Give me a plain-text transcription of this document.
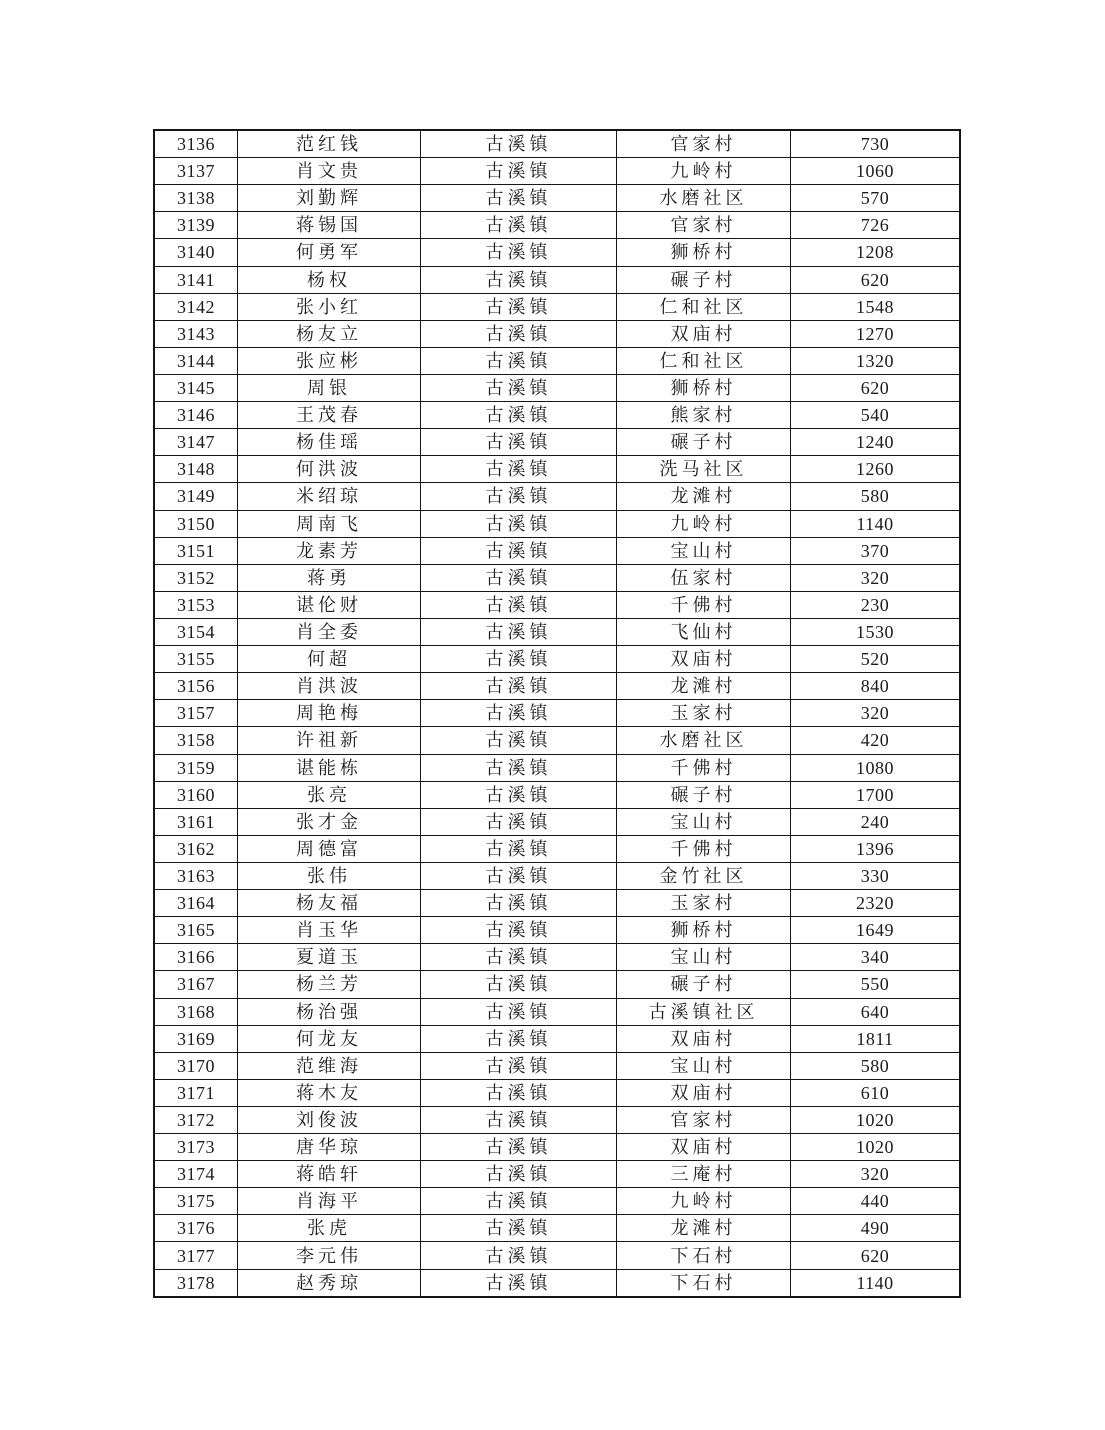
3136	范红钱	古溪镇	官家村	730
3137	肖文贵	古溪镇	九岭村	1060
3138	刘勤辉	古溪镇	水磨社区	570
3139	蒋锡国	古溪镇	官家村	726
3140	何勇军	古溪镇	狮桥村	1208
3141	杨权	古溪镇	碾子村	620
3142	张小红	古溪镇	仁和社区	1548
3143	杨友立	古溪镇	双庙村	1270
3144	张应彬	古溪镇	仁和社区	1320
3145	周银	古溪镇	狮桥村	620
3146	王茂春	古溪镇	熊家村	540
3147	杨佳瑶	古溪镇	碾子村	1240
3148	何洪波	古溪镇	洗马社区	1260
3149	米绍琼	古溪镇	龙滩村	580
3150	周南飞	古溪镇	九岭村	1140
3151	龙素芳	古溪镇	宝山村	370
3152	蒋勇	古溪镇	伍家村	320
3153	谌伦财	古溪镇	千佛村	230
3154	肖全委	古溪镇	飞仙村	1530
3155	何超	古溪镇	双庙村	520
3156	肖洪波	古溪镇	龙滩村	840
3157	周艳梅	古溪镇	玉家村	320
3158	许祖新	古溪镇	水磨社区	420
3159	谌能栋	古溪镇	千佛村	1080
3160	张亮	古溪镇	碾子村	1700
3161	张才金	古溪镇	宝山村	240
3162	周德富	古溪镇	千佛村	1396
3163	张伟	古溪镇	金竹社区	330
3164	杨友福	古溪镇	玉家村	2320
3165	肖玉华	古溪镇	狮桥村	1649
3166	夏道玉	古溪镇	宝山村	340
3167	杨兰芳	古溪镇	碾子村	550
3168	杨治强	古溪镇	古溪镇社区	640
3169	何龙友	古溪镇	双庙村	1811
3170	范维海	古溪镇	宝山村	580
3171	蒋木友	古溪镇	双庙村	610
3172	刘俊波	古溪镇	官家村	1020
3173	唐华琼	古溪镇	双庙村	1020
3174	蒋皓轩	古溪镇	三庵村	320
3175	肖海平	古溪镇	九岭村	440
3176	张虎	古溪镇	龙滩村	490
3177	李元伟	古溪镇	下石村	620
3178	赵秀琼	古溪镇	下石村	1140
